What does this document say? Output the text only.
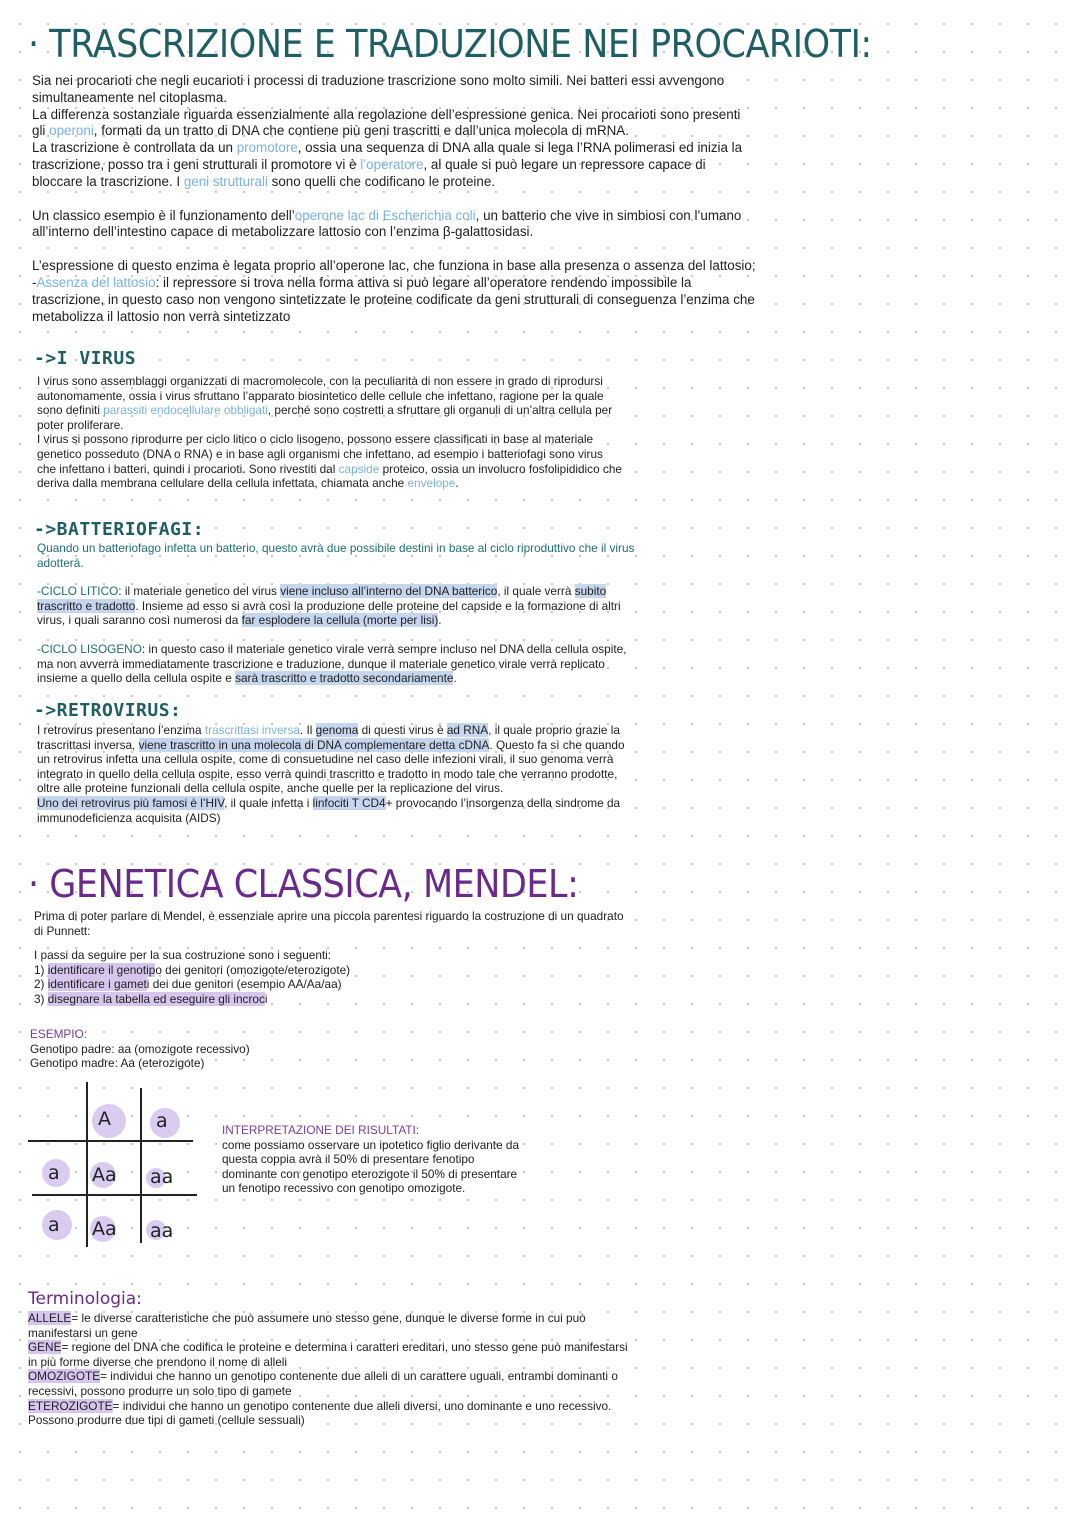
· TRASCRIZIONE E TRADUZIONE NEI PROCARIOTI:

Sia nei procarioti che negli eucarioti i processi di traduzione trascrizione sono molto simili. Nei batteri essi avvengono simultaneamente nel citoplasma.

La differenza sostanziale riguarda essenzialmente alla regolazione dell’espressione genica. Nei procarioti sono presenti gli operoni, formati da un tratto di DNA che contiene più geni trascritti e dall’unica molecola di mRNA.

La trascrizione è controllata da un promotore, ossia una sequenza di DNA alla quale si lega l’RNA polimerasi ed inizia la trascrizione, posso tra i geni strutturali il promotore vi è l’operatore, al quale si può legare un repressore capace di bloccare la trascrizione. I geni strutturali sono quelli che codificano le proteine.

Un classico esempio è il funzionamento dell’operone lac di Escherichia coli, un batterio che vive in simbiosi con l’umano all’interno dell’intestino capace di metabolizzare lattosio con l’enzima β-galattosidasi.

L’espressione di questo enzima è legata proprio all’operone lac, che funziona in base alla presenza o assenza del lattosio;

-Assenza del lattosio: il repressore si trova nella forma attiva si può legare all’operatore rendendo impossibile la trascrizione, in questo caso non vengono sintetizzate le proteine codificate da geni strutturali di conseguenza l’enzima che metabolizza il lattosio non verrà sintetizzato

->I VIRUS

I virus sono assemblaggi organizzati di macromolecole, con la peculiarità di non essere in grado di riprodursi autonomamente, ossia i virus sfruttano l’apparato biosintetico delle cellule che infettano, ragione per la quale sono definiti parassiti endocellulare obbligati, perché sono costretti a sfruttare gli organuli di un’altra cellula per poter proliferare.

I virus si possono riprodurre per ciclo litico o ciclo lisogeno, possono essere classificati in base al materiale genetico posseduto (DNA o RNA) e in base agli organismi che infettano, ad esempio i batteriofagi sono virus che infettano i batteri, quindi i procarioti. Sono rivestiti dal capside proteico, ossia un involucro fosfolipididico che deriva dalla membrana cellulare della cellula infettata, chiamata anche envelope.

->BATTERIOFAGI:

Quando un batteriofago infetta un batterio, questo avrà due possibile destini in base al ciclo riproduttivo che il virus adotterà.

-CICLO LITICO: il materiale genetico del virus viene incluso all’interno del DNA batterico, il quale verrà subito trascritto e tradotto. Insieme ad esso si avrà così la produzione delle proteine del capside e la formazione di altri virus, i quali saranno così numerosi da far esplodere la cellula (morte per lisi).

-CICLO LISOGENO: in questo caso il materiale genetico virale verrà sempre incluso nel DNA della cellula ospite, ma non avverrà immediatamente trascrizione e traduzione, dunque il materiale genetico virale verrà replicato insieme a quello della cellula ospite e sarà trascritto e tradotto secondariamente.

->RETROVIRUS:

I retrovirus presentano l’enzima trascrittasi inversa. Il genoma di questi virus è ad RNA, il quale proprio grazie la trascrittasi inversa, viene trascritto in una molecola di DNA complementare detta cDNA. Questo fa sì che quando un retrovirus infetta una cellula ospite, come di consuetudine nel caso delle infezioni virali, il suo genoma verrà integrato in quello della cellula ospite, esso verrà quindi trascritto e tradotto in modo tale che verranno prodotte, oltre alle proteine funzionali della cellula ospite, anche quelle per la replicazione del virus.

Uno dei retrovirus più famosi è l’HIV, il quale infetta i linfociti T CD4+ provocando l’insorgenza della sindrome da immunodeficienza acquisita (AIDS)

· GENETICA CLASSICA, MENDEL:

Prima di poter parlare di Mendel, è essenziale aprire una piccola parentesi riguardo la costruzione di un quadrato di Punnett:

I passi da seguire per la sua costruzione sono i seguenti:

1) identificare il genotipo dei genitori (omozigote/eterozigote)

2) identificare i gameti dei due genitori (esempio AA/Aa/aa)

3) disegnare la tabella ed eseguire gli incroci

ESEMPIO:

Genotipo padre: aa (omozigote recessivo)

Genotipo madre: Aa (eterozigote)

A a
a
a
Aa aa
Aa aa

INTERPRETAZIONE DEI RISULTATI:

come possiamo osservare un ipotetico figlio derivante da questa coppia avrà il 50% di presentare fenotipo dominante con genotipo eterozigote il 50% di presentare un fenotipo recessivo con genotipo omozigote.

Terminologia:

ALLELE= le diverse caratteristiche che può assumere uno stesso gene, dunque le diverse forme in cui può manifestarsi un gene

GENE= regione del DNA che codifica le proteine e determina i caratteri ereditari, uno stesso gene può manifestarsi in più forme diverse che prendono il nome di alleli

OMOZIGOTE= individui che hanno un genotipo contenente due alleli di un carattere uguali, entrambi dominanti o recessivi, possono produrre un solo tipo di gamete

ETEROZIGOTE= individui che hanno un genotipo contenente due alleli diversi, uno dominante e uno recessivo. Possono produrre due tipi di gameti (cellule sessuali)
